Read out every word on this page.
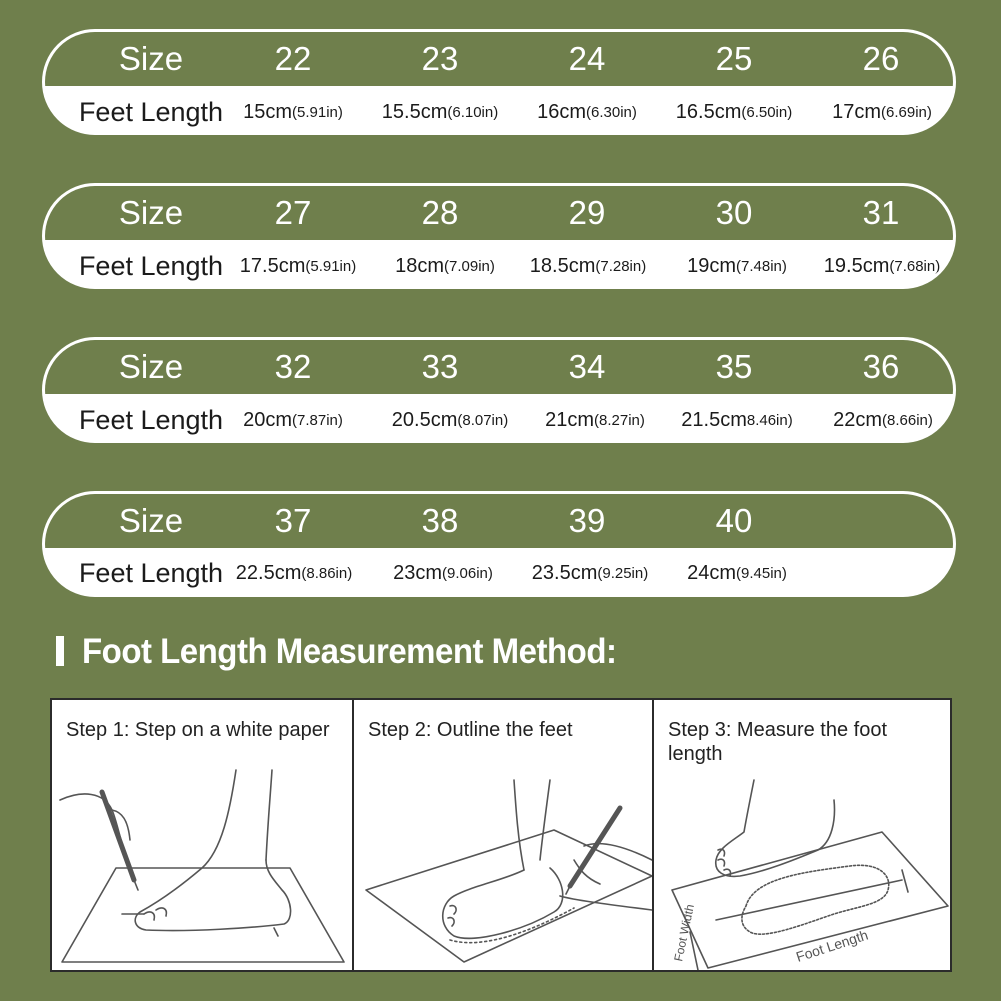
Size	22	23	24	25	26
Feet Length	15cm (5.91in) 15.5cm (6.10in) 16cm (6.30in) 16.5cm (6.50in) 17cm (6.69in)
Size	27	28	29	30	31
Feet Length 17.5cm (5.91in) 18cm (7.09in) 18.5cm (7.28in) 19cm (7.48in) 19.5cm (7.68in)
Size	32	33	34	35	36
Feet Length	20cm (7.87in) 20.5cm (8.07in) 21cm (8.27in) 21.5cm 8.46in) 22cm (8.66in)
Size	37	38	39	40
Feet Length 22.5cm (8.86in) 23cm (9.06in) 23.5cm (9.25in) 24cm (9.45in)
Foot Length Measurement Method:
Step 1: Step on a white paper	Step 2: Outline the feet
Foot Width	Foot Length
Step 3: Measure the foot length
